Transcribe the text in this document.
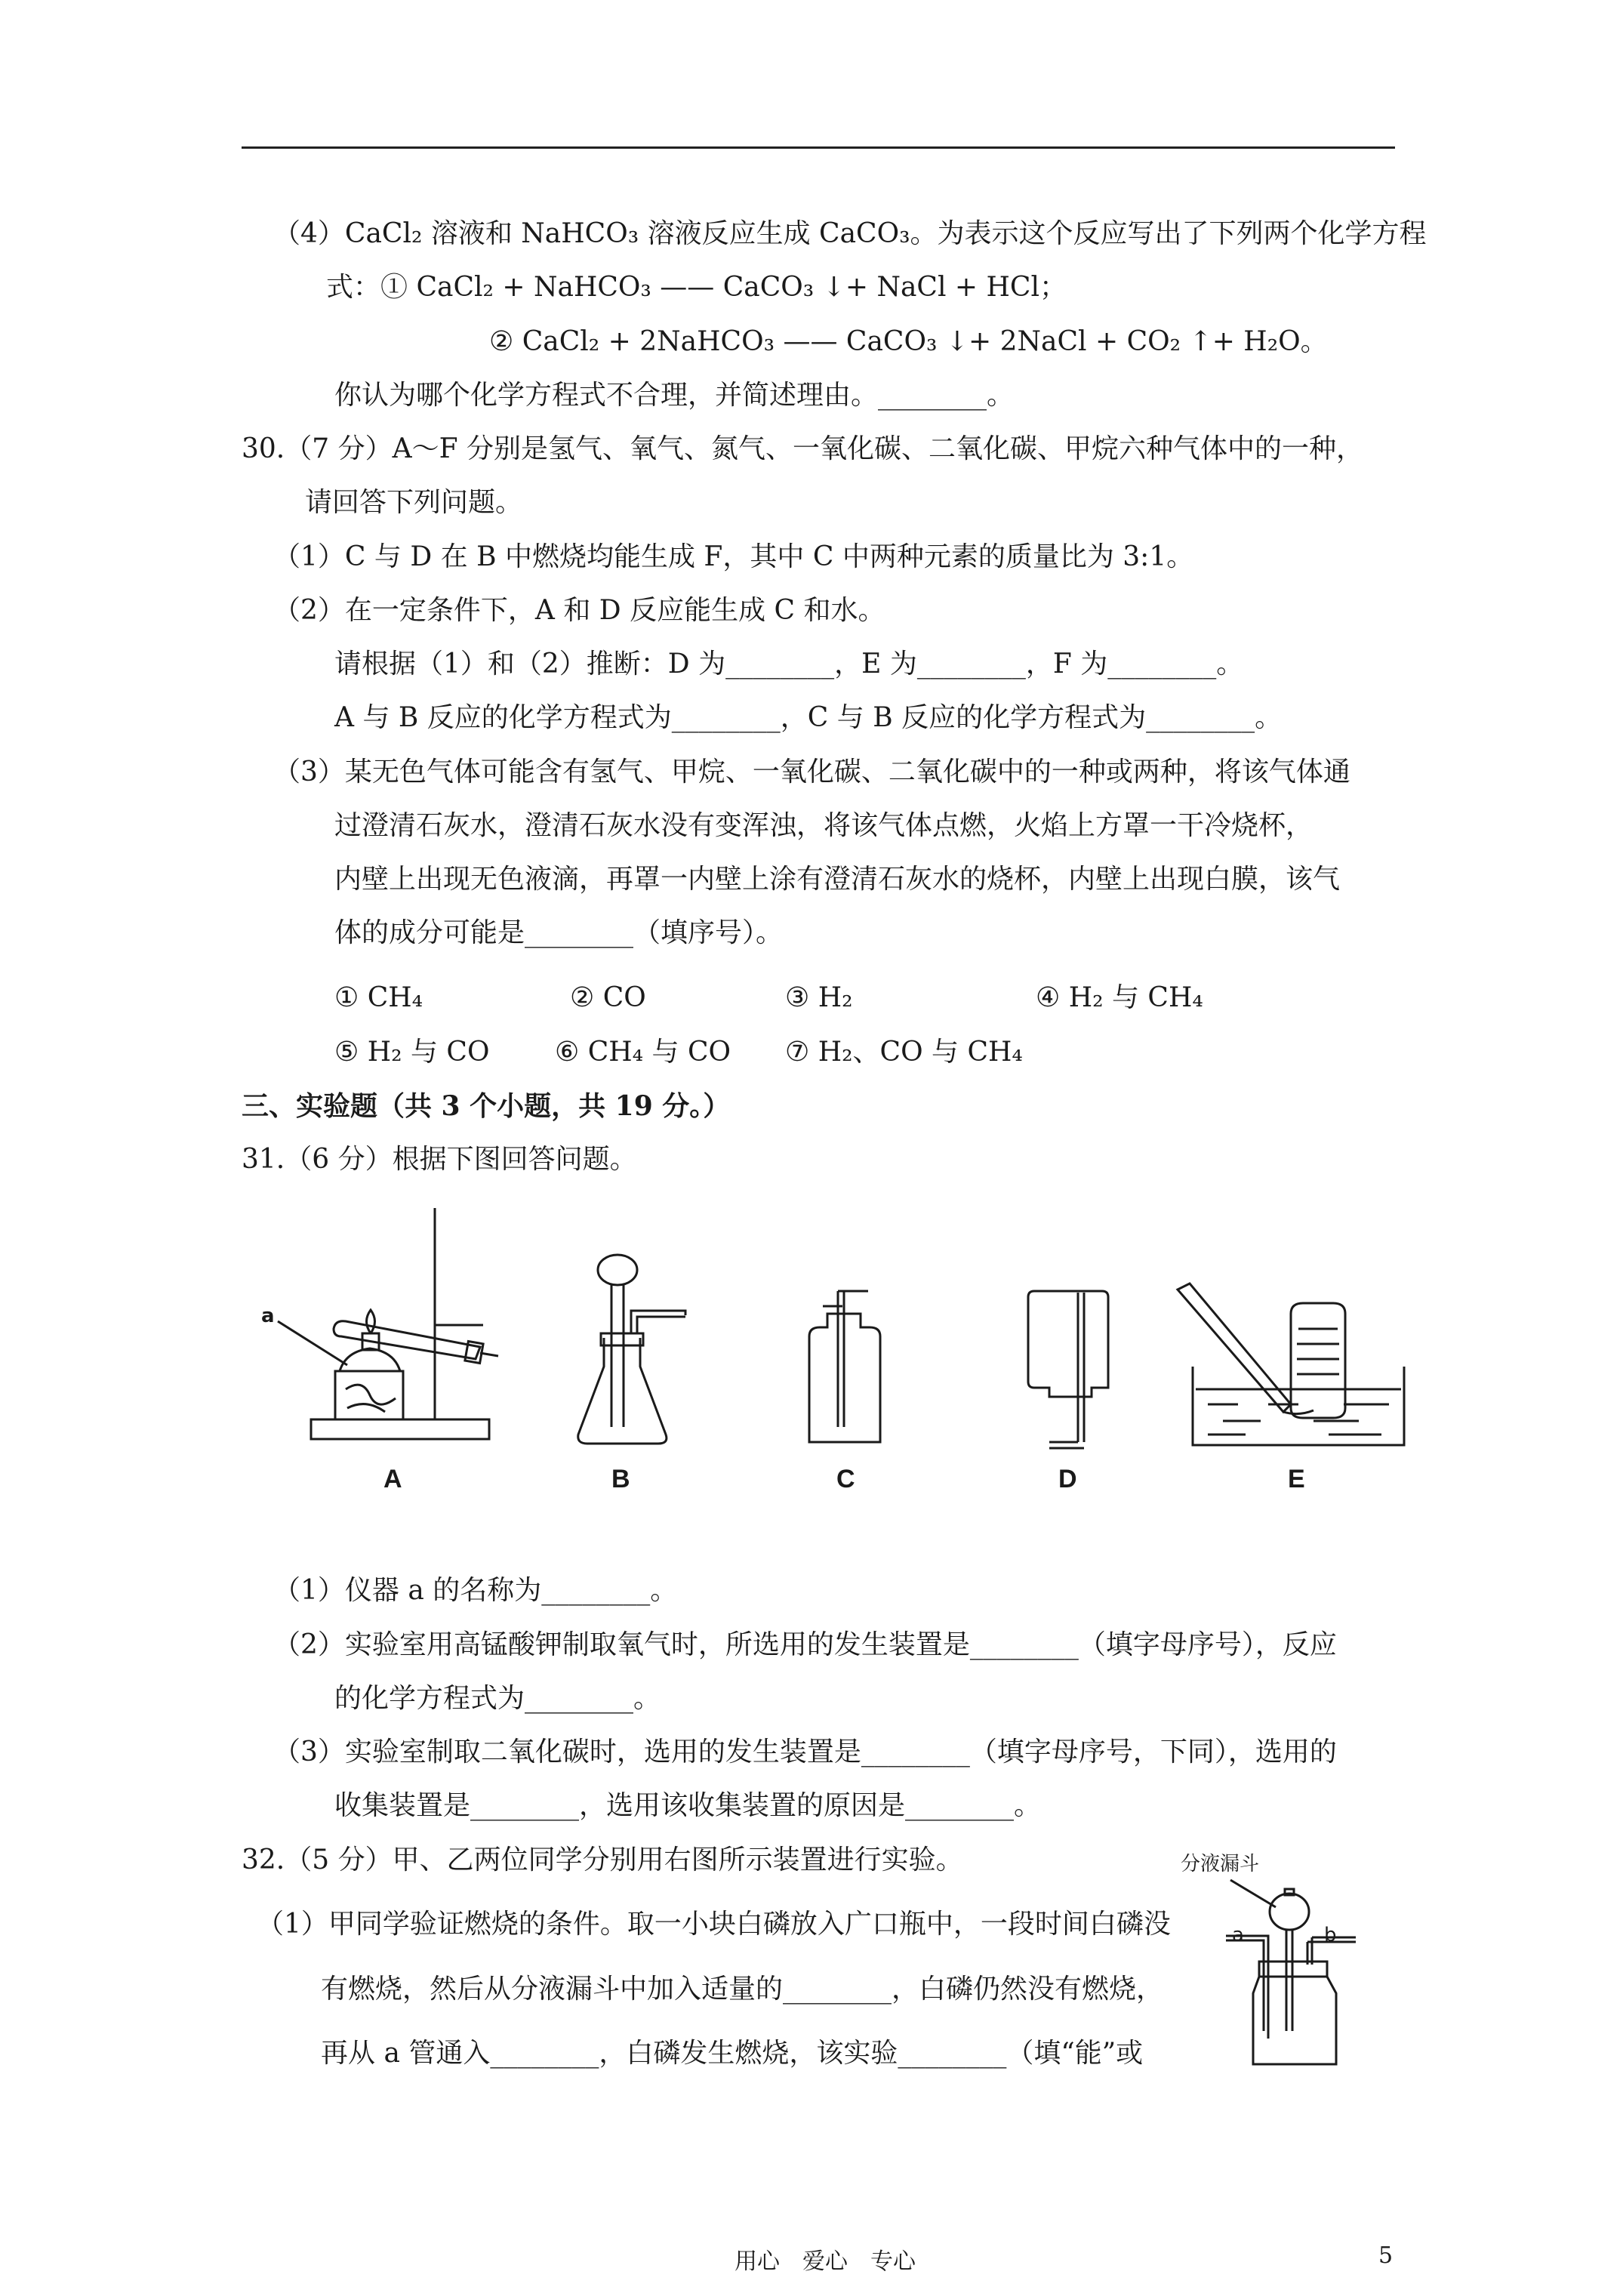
（4）CaCl₂ 溶液和 NaHCO₃ 溶液反应生成 CaCO₃。为表示这个反应写出了下列两个化学方程
式：① CaCl₂ + NaHCO₃ —— CaCO₃ ↓+ NaCl + HCl；
② CaCl₂ + 2NaHCO₃ —— CaCO₃ ↓+ 2NaCl + CO₂ ↑+ H₂O。
你认为哪个化学方程式不合理，并简述理由。________。
30.（7 分）A～F 分别是氢气、氧气、氮气、一氧化碳、二氧化碳、甲烷六种气体中的一种，
请回答下列问题。
（1）C 与 D 在 B 中燃烧均能生成 F，其中 C 中两种元素的质量比为 3:1。
（2）在一定条件下，A 和 D 反应能生成 C 和水。
请根据（1）和（2）推断：D 为________，E 为________，F 为________。
A 与 B 反应的化学方程式为________，C 与 B 反应的化学方程式为________。
（3）某无色气体可能含有氢气、甲烷、一氧化碳、二氧化碳中的一种或两种，将该气体通
过澄清石灰水，澄清石灰水没有变浑浊，将该气体点燃，火焰上方罩一干冷烧杯，
内壁上出现无色液滴，再罩一内壁上涂有澄清石灰水的烧杯，内壁上出现白膜，该气
体的成分可能是________（填序号）。
① CH₄	② CO	③ H₂	④ H₂ 与 CH₄
⑤ H₂ 与 CO ⑥ CH₄ 与 CO ⑦ H₂、CO 与 CH₄
三、实验题（共 3 个小题，共 19 分。）
31.（6 分）根据下图回答问题。
a
A	B	C	D	E
（1）仪器 a 的名称为________。
（2）实验室用高锰酸钾制取氧气时，所选用的发生装置是________（填字母序号），反应
的化学方程式为________。
（3）实验室制取二氧化碳时，选用的发生装置是________（填字母序号，下同），选用的
收集装置是________，选用该收集装置的原因是________。
32.（5 分）甲、乙两位同学分别用右图所示装置进行实验。
（1）甲同学验证燃烧的条件。取一小块白磷放入广口瓶中，一段时间白磷没
有燃烧，然后从分液漏斗中加入适量的________，白磷仍然没有燃烧，
再从 a 管通入________，白磷发生燃烧，该实验________（填“能”或
分液漏斗
a	b
用心　爱心　专心	5
